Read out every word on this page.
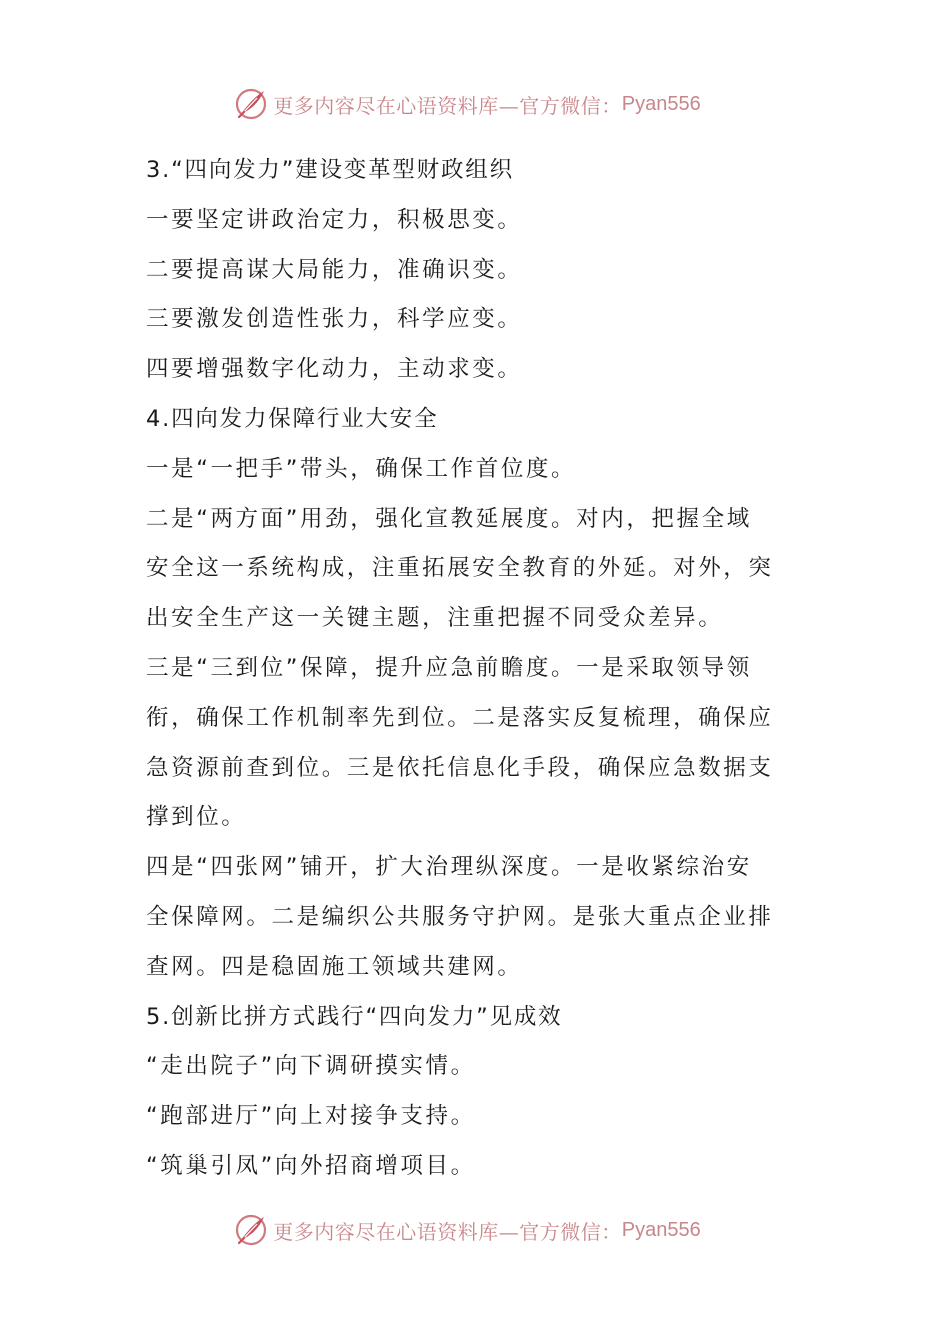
更多内容尽在心语资料库—官方微信： Pyan556
3.“四向发力”建设变革型财政组织
一要坚定讲政治定力，积极思变。
二要提高谋大局能力，准确识变。
三要激发创造性张力，科学应变。
四要增强数字化动力，主动求变。
4.四向发力保障行业大安全
一是“一把手”带头，确保工作首位度。
二是“两方面”用劲，强化宣教延展度。对内，把握全域
安全这一系统构成，注重拓展安全教育的外延。对外，突
出安全生产这一关键主题，注重把握不同受众差异。
三是“三到位”保障，提升应急前瞻度。一是采取领导领
衔，确保工作机制率先到位。二是落实反复梳理，确保应
急资源前查到位。三是依托信息化手段，确保应急数据支
撑到位。
四是“四张网”铺开，扩大治理纵深度。一是收紧综治安
全保障网。二是编织公共服务守护网。是张大重点企业排
查网。四是稳固施工领域共建网。
5.创新比拼方式践行“四向发力”见成效
“走出院子”向下调研摸实情。
“跑部进厅”向上对接争支持。
“筑巢引凤”向外招商增项目。
更多内容尽在心语资料库—官方微信： Pyan556
